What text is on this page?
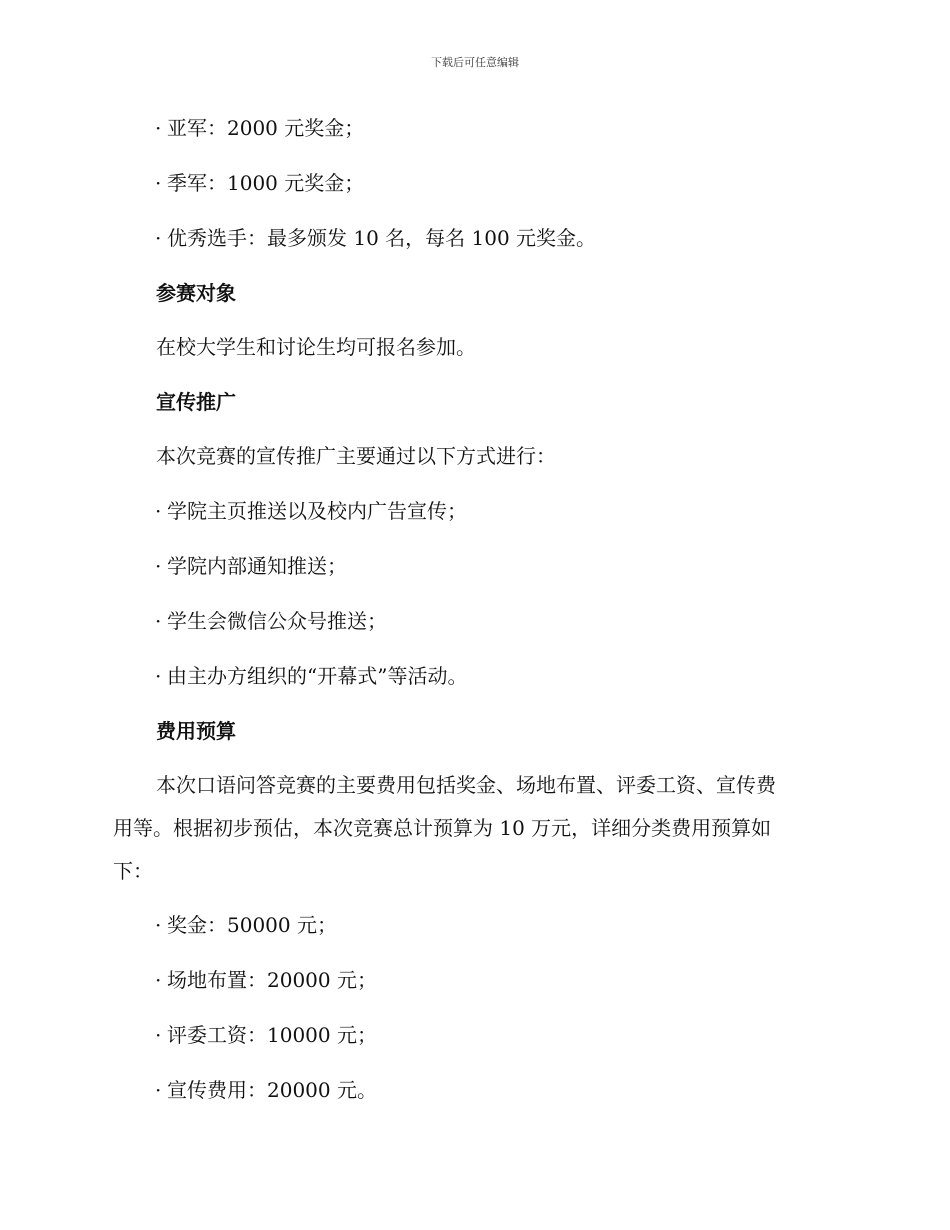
下载后可任意编辑
· 亚军：2000 元奖金；
· 季军：1000 元奖金；
· 优秀选手：最多颁发 10 名，每名 100 元奖金。
参赛对象
在校大学生和讨论生均可报名参加。
宣传推广
本次竞赛的宣传推广主要通过以下方式进行：
· 学院主页推送以及校内广告宣传；
· 学院内部通知推送；
· 学生会微信公众号推送；
· 由主办方组织的“开幕式”等活动。
费用预算
本次口语问答竞赛的主要费用包括奖金、场地布置、评委工资、宣传费
用等。根据初步预估，本次竞赛总计预算为 10 万元，详细分类费用预算如
下：
· 奖金：50000 元；
· 场地布置：20000 元；
· 评委工资：10000 元；
· 宣传费用：20000 元。
